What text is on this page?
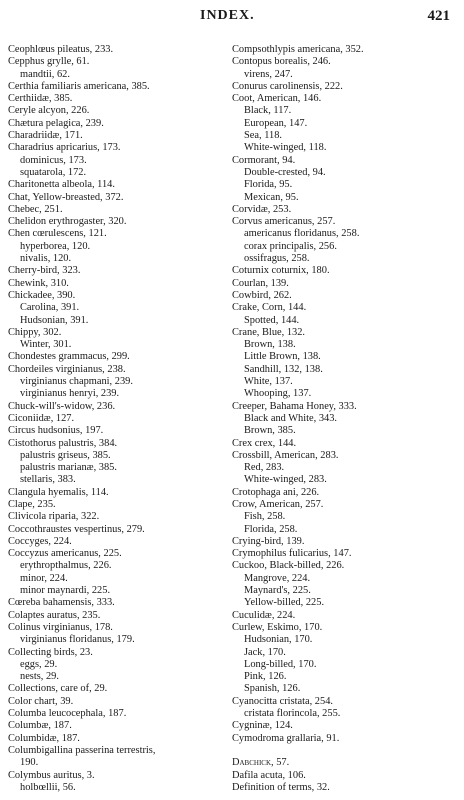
INDEX.	421
Ceophlœus pileatus, 233.
Cepphus grylle, 61.
mandtii, 62.
Certhia familiaris americana, 385.
Certhiidæ, 385.
Ceryle alcyon, 226.
Chætura pelagica, 239.
Charadriidæ, 171.
Charadrius apricarius, 173.
dominicus, 173.
squatarola, 172.
Charitonetta albeola, 114.
Chat, Yellow-breasted, 372.
Chebec, 251.
Chelidon erythrogaster, 320.
Chen cœrulescens, 121.
hyperborea, 120.
nivalis, 120.
Cherry-bird, 323.
Chewink, 310.
Chickadee, 390.
Carolina, 391.
Hudsonian, 391.
Chippy, 302.
Winter, 301.
Chondestes grammacus, 299.
Chordeiles virginianus, 238.
virginianus chapmani, 239.
virginianus henryi, 239.
Chuck-will's-widow, 236.
Ciconiidæ, 127.
Circus hudsonius, 197.
Cistothorus palustris, 384.
palustris griseus, 385.
palustris marianæ, 385.
stellaris, 383.
Clangula hyemalis, 114.
Clape, 235.
Clivicola riparia, 322.
Coccothraustes vespertinus, 279.
Coccyges, 224.
Coccyzus americanus, 225.
erythropthalmus, 226.
minor, 224.
minor maynardi, 225.
Cœreba bahamensis, 333.
Colaptes auratus, 235.
Colinus virginianus, 178.
virginianus floridanus, 179.
Collecting birds, 23.
eggs, 29.
nests, 29.
Collections, care of, 29.
Color chart, 39.
Columba leucocephala, 187.
Columbæ, 187.
Columbidæ, 187.
Columbigallina passerina terrestris,
190.
Colymbus auritus, 3.
holbœllii, 56.
Compsothlypis americana, 352.
Contopus borealis, 246.
virens, 247.
Conurus carolinensis, 222.
Coot, American, 146.
Black, 117.
European, 147.
Sea, 118.
White-winged, 118.
Cormorant, 94.
Double-crested, 94.
Florida, 95.
Mexican, 95.
Corvidæ, 253.
Corvus americanus, 257.
americanus floridanus, 258.
corax principalis, 256.
ossifragus, 258.
Coturnix coturnix, 180.
Courlan, 139.
Cowbird, 262.
Crake, Corn, 144.
Spotted, 144.
Crane, Blue, 132.
Brown, 138.
Little Brown, 138.
Sandhill, 132, 138.
White, 137.
Whooping, 137.
Creeper, Bahama Honey, 333.
Black and White, 343.
Brown, 385.
Crex crex, 144.
Crossbill, American, 283.
Red, 283.
White-winged, 283.
Crotophaga ani, 226.
Crow, American, 257.
Fish, 258.
Florida, 258.
Crying-bird, 139.
Crymophilus fulicarius, 147.
Cuckoo, Black-billed, 226.
Mangrove, 224.
Maynard's, 225.
Yellow-billed, 225.
Cuculidæ, 224.
Curlew, Eskimo, 170.
Hudsonian, 170.
Jack, 170.
Long-billed, 170.
Pink, 126.
Spanish, 126.
Cyanocitta cristata, 254.
cristata florincola, 255.
Cygninæ, 124.
Cymodroma grallaria, 91.
Dabchick, 57.
Dafila acuta, 106.
Definition of terms, 32.
